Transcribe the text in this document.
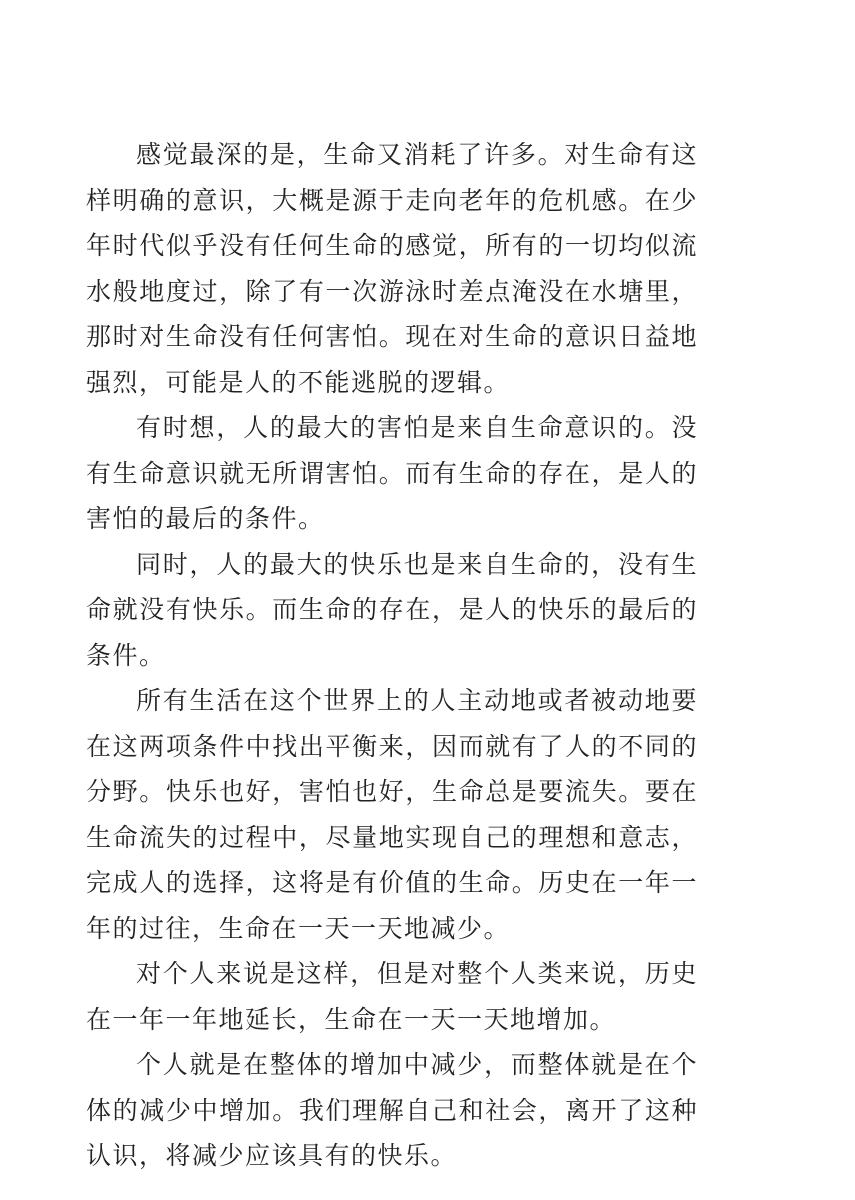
感觉最深的是，生命又消耗了许多。对生命有这样明确的意识，大概是源于走向老年的危机感。在少年时代似乎没有任何生命的感觉，所有的一切均似流水般地度过，除了有一次游泳时差点淹没在水塘里，那时对生命没有任何害怕。现在对生命的意识日益地强烈，可能是人的不能逃脱的逻辑。

有时想，人的最大的害怕是来自生命意识的。没有生命意识就无所谓害怕。而有生命的存在，是人的害怕的最后的条件。

同时，人的最大的快乐也是来自生命的，没有生命就没有快乐。而生命的存在，是人的快乐的最后的条件。

所有生活在这个世界上的人主动地或者被动地要在这两项条件中找出平衡来，因而就有了人的不同的分野。快乐也好，害怕也好，生命总是要流失。要在生命流失的过程中，尽量地实现自己的理想和意志，完成人的选择，这将是有价值的生命。历史在一年一年的过往，生命在一天一天地减少。

对个人来说是这样，但是对整个人类来说，历史在一年一年地延长，生命在一天一天地增加。

个人就是在整体的增加中减少，而整体就是在个体的减少中增加。我们理解自己和社会，离开了这种认识，将减少应该具有的快乐。
